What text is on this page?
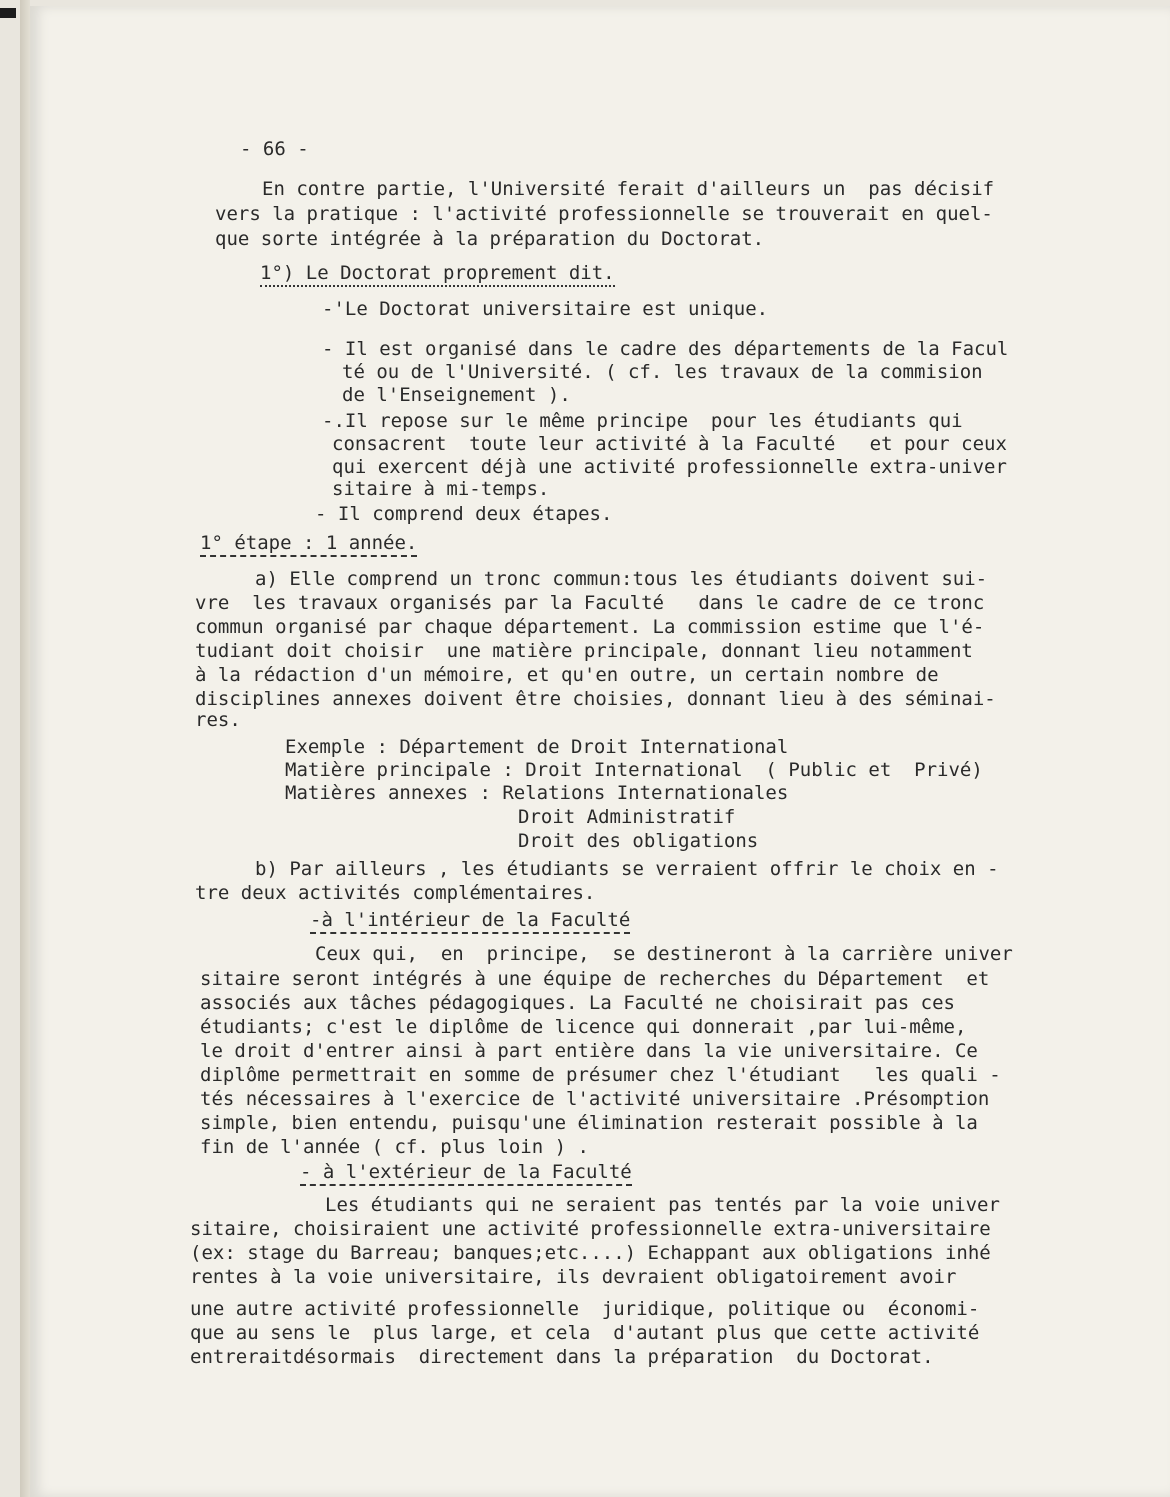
- 66 -
En contre partie, l'Université ferait d'ailleurs un  pas décisif
vers la pratique : l'activité professionnelle se trouverait en quel-
que sorte intégrée à la préparation du Doctorat.
1°) Le Doctorat proprement dit.
-'Le Doctorat universitaire est unique.
- Il est organisé dans le cadre des départements de la Facul
té ou de l'Université. ( cf. les travaux de la commision
de l'Enseignement ).
-.Il repose sur le même principe  pour les étudiants qui
consacrent  toute leur activité à la Faculté   et pour ceux
qui exercent déjà une activité professionnelle extra-univer
sitaire à mi-temps.
- Il comprend deux étapes.
1° étape : 1 année.
a) Elle comprend un tronc commun:tous les étudiants doivent sui-
vre  les travaux organisés par la Faculté   dans le cadre de ce tronc
commun organisé par chaque département. La commission estime que l'é-
tudiant doit choisir  une matière principale, donnant lieu notamment
à la rédaction d'un mémoire, et qu'en outre, un certain nombre de
disciplines annexes doivent être choisies, donnant lieu à des séminai-
res.
Exemple : Département de Droit International
Matière principale : Droit International  ( Public et  Privé)
Matières annexes : Relations Internationales
Droit Administratif
Droit des obligations
b) Par ailleurs , les étudiants se verraient offrir le choix en -
tre deux activités complémentaires.
-à l'intérieur de la Faculté
Ceux qui,  en  principe,  se destineront à la carrière univer
sitaire seront intégrés à une équipe de recherches du Département  et
associés aux tâches pédagogiques. La Faculté ne choisirait pas ces
étudiants; c'est le diplôme de licence qui donnerait ,par lui-même,
le droit d'entrer ainsi à part entière dans la vie universitaire. Ce
diplôme permettrait en somme de présumer chez l'étudiant   les quali -
tés nécessaires à l'exercice de l'activité universitaire .Présomption
simple, bien entendu, puisqu'une élimination resterait possible à la
fin de l'année ( cf. plus loin ) .
- à l'extérieur de la Faculté
Les étudiants qui ne seraient pas tentés par la voie univer
sitaire, choisiraient une activité professionnelle extra-universitaire
(ex: stage du Barreau; banques;etc....) Echappant aux obligations inhé
rentes à la voie universitaire, ils devraient obligatoirement avoir
une autre activité professionnelle  juridique, politique ou  économi-
que au sens le  plus large, et cela  d'autant plus que cette activité
entreraitdésormais  directement dans la préparation  du Doctorat.
